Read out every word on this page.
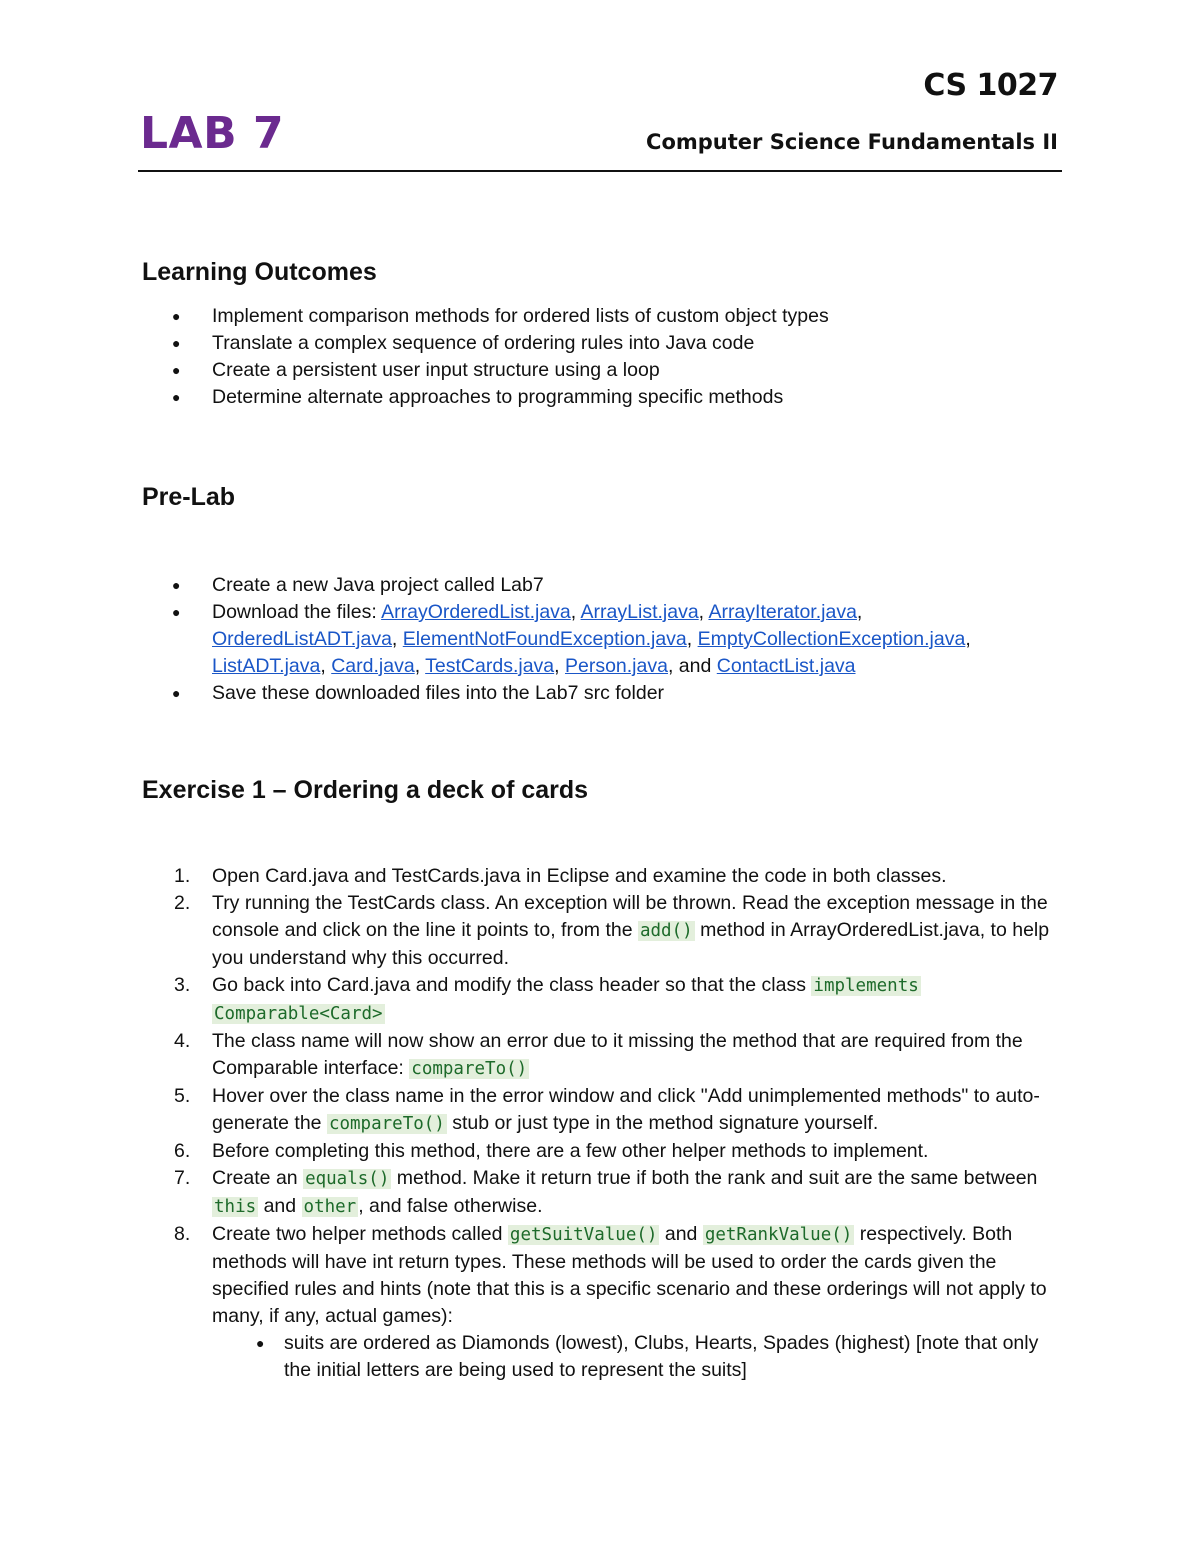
CS 1027
LAB 7	Computer Science Fundamentals II
Learning Outcomes
● Implement comparison methods for ordered lists of custom object types
● Translate a complex sequence of ordering rules into Java code
● Create a persistent user input structure using a loop
● Determine alternate approaches to programming specific methods
Pre-Lab
● Create a new Java project called Lab7
● Download the files: ArrayOrderedList.java, ArrayList.java, ArrayIterator.java,
OrderedListADT.java, ElementNotFoundException.java, EmptyCollectionException.java,
ListADT.java, Card.java, TestCards.java, Person.java, and ContactList.java
● Save these downloaded files into the Lab7 src folder
Exercise 1 – Ordering a deck of cards
1. Open Card.java and TestCards.java in Eclipse and examine the code in both classes.
2. Try running the TestCards class. An exception will be thrown. Read the exception message in the console and click on the line it points to, from the add() method in ArrayOrderedList.java, to help you understand why this occurred.
3. Go back into Card.java and modify the class header so that the class implements
Comparable<Card>
4. The class name will now show an error due to it missing the method that are required from the Comparable interface: compareTo()
5. Hover over the class name in the error window and click "Add unimplemented methods" to auto-generate the compareTo() stub or just type in the method signature yourself.
6. Before completing this method, there are a few other helper methods to implement.
7. Create an equals() method. Make it return true if both the rank and suit are the same between this and other , and false otherwise.
8. Create two helper methods called getSuitValue() and getRankValue() respectively. Both methods will have int return types. These methods will be used to order the cards given the specified rules and hints (note that this is a specific scenario and these orderings will not apply to many, if any, actual games):
● suits are ordered as Diamonds (lowest), Clubs, Hearts, Spades (highest) [note that only the initial letters are being used to represent the suits]
